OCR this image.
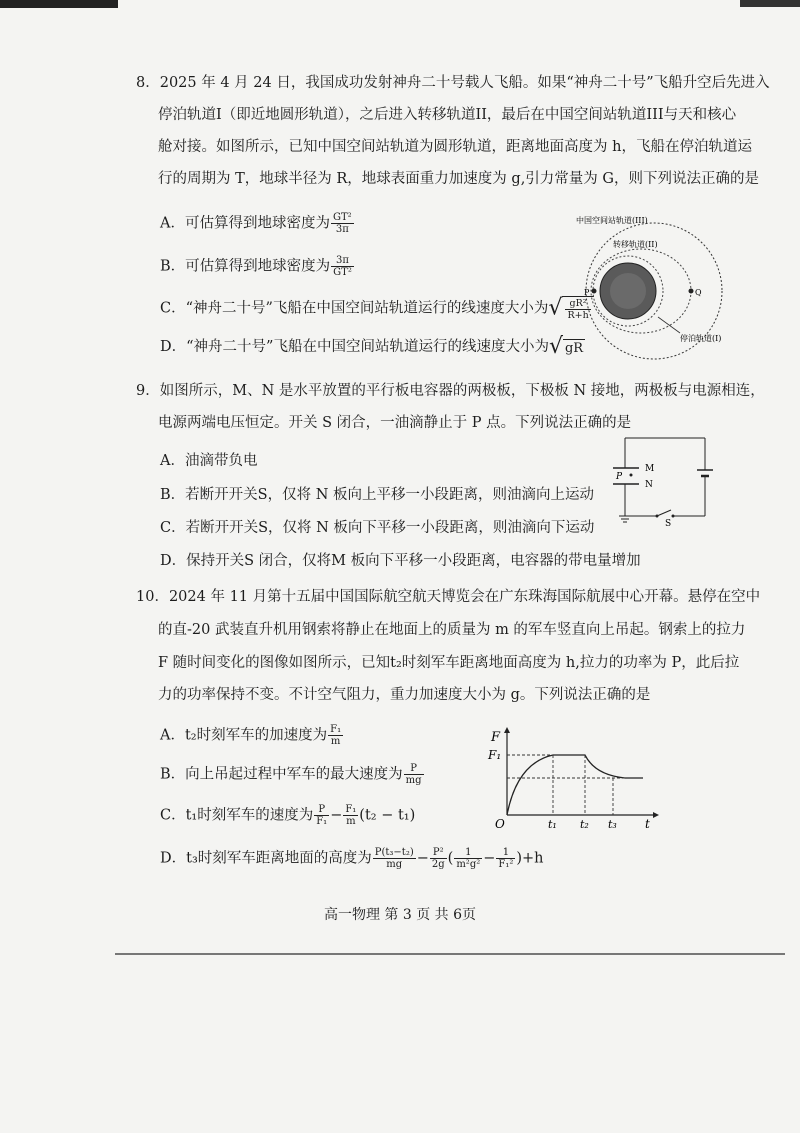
8．2025 年 4 月 24 日，我国成功发射神舟二十号载人飞船。如果“神舟二十号”飞船升空后先进入
停泊轨道I（即近地圆形轨道），之后进入转移轨道II，最后在中国空间站轨道III与天和核心
舱对接。如图所示，已知中国空间站轨道为圆形轨道，距离地面高度为 h，飞船在停泊轨道运
行的周期为 T，地球半径为 R，地球表面重力加速度为 g,引力常量为 G，则下列说法正确的是
A．可估算得到地球密度为 $\frac{\text{GT²}}{3\pi}$
B．可估算得到地球密度为 $\frac{3\pi}{\text{GT²}}$
C．“神舟二十号”飞船在中国空间站轨道运行的线速度大小为√ $\frac{\text{gR²}}{R+h}$
D．“神舟二十号”飞船在中国空间站轨道运行的线速度大小为√ gR
P	Q
中国空间站轨道(III)
转移轨道(II)
停泊轨道(I)
9．如图所示，M、N 是水平放置的平行板电容器的两极板，下极板 N 接地，两极板与电源相连，
电源两端电压恒定。开关 S 闭合，一油滴静止于 P 点。下列说法正确的是
A．油滴带负电
B．若断开开关S，仅将 N 板向上平移一小段距离，则油滴向上运动
C．若断开开关S，仅将 N 板向下平移一小段距离，则油滴向下运动
D．保持开关S 闭合，仅将M 板向下平移一小段距离，电容器的带电量增加
P
M
N
S
10．2024 年 11 月第十五届中国国际航空航天博览会在广东珠海国际航展中心开幕。悬停在空中
的直-20 武装直升机用钢索将静止在地面上的质量为 m 的军车竖直向上吊起。钢索上的拉力
F 随时间变化的图像如图所示，已知t₂时刻军车距离地面高度为 h,拉力的功率为 P，此后拉
力的功率保持不变。不计空气阻力，重力加速度大小为 g。下列说法正确的是
A．t₂时刻军车的加速度为 $\frac{\text{F₁}}{m}$
B．向上吊起过程中军车的最大速度为 $\frac{P}{mg}$
C．t₁时刻军车的速度为 $\frac{P}{\text{F₁}} - \frac{\text{F₁}}{m} (t_2 - t_1)$
D．t₃时刻军车距离地面的高度为 $\frac{\text{P(t₃−t₂)}}{mg} - \frac{\text{P²}}{2g}$ ( $\frac{1}{\text{m²g²}} - \frac{1}{\text{F₁²}} )+h$
F
F₁
O	t₁ t₂ t₃ t
高一物理 第 3 页 共 6页
